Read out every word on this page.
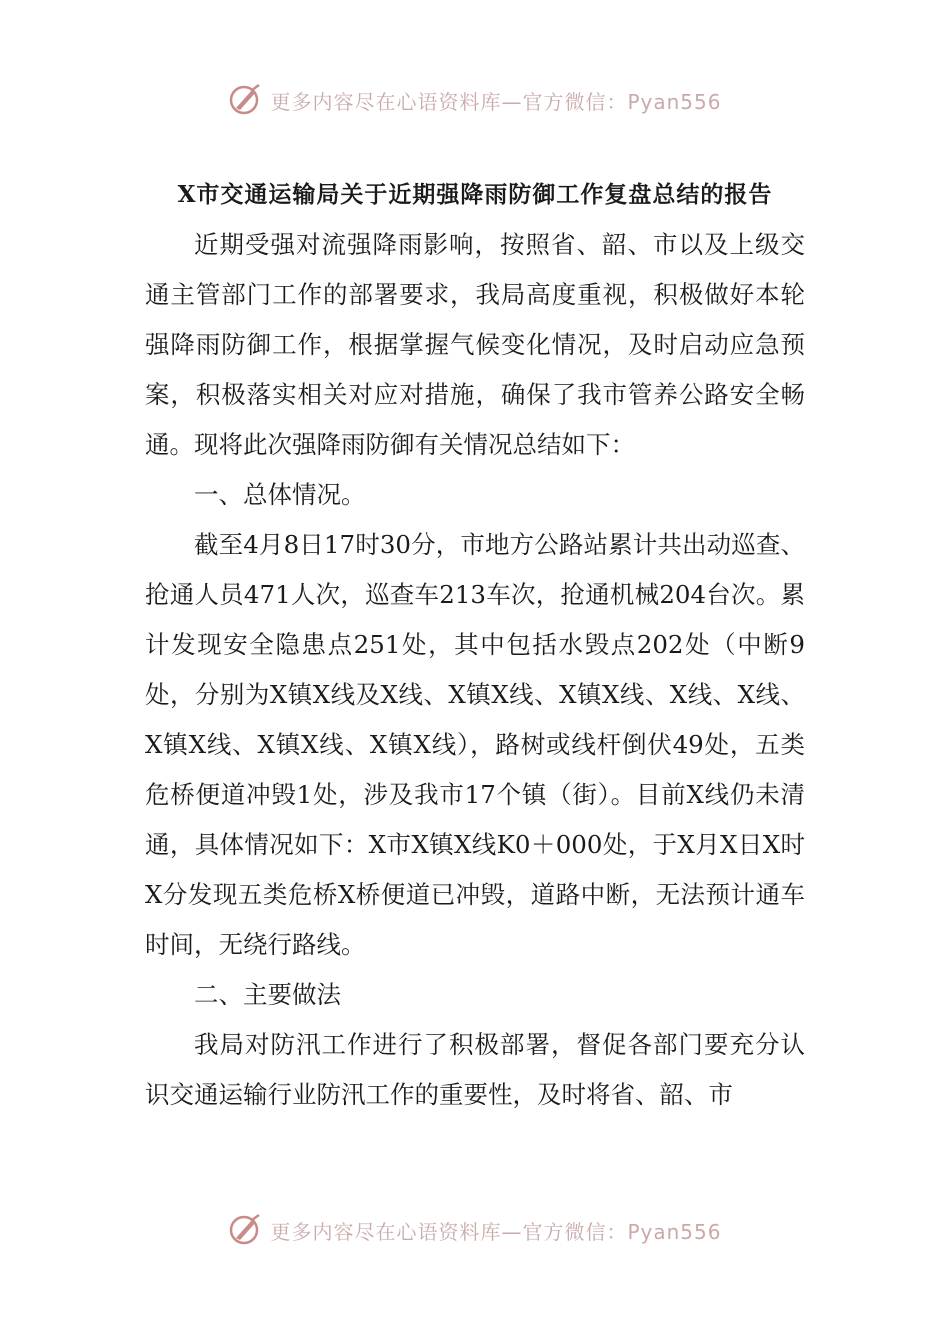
更多内容尽在心语资料库—官方微信：Pyan556
X市交通运输局关于近期强降雨防御工作复盘总结的报告

近期受强对流强降雨影响，按照省、韶、市以及上级交通主管部门工作的部署要求，我局高度重视，积极做好本轮强降雨防御工作，根据掌握气候变化情况，及时启动应急预案，积极落实相关对应对措施，确保了我市管养公路安全畅通。现将此次强降雨防御有关情况总结如下：

一、总体情况。

截至4月8日17时30分，市地方公路站累计共出动巡查、抢通人员471人次，巡查车213车次，抢通机械204台次。累计发现安全隐患点251处，其中包括水毁点202处（中断9处，分别为X镇X线及X线、X镇X线、X镇X线、X线、X线、X镇X线、X镇X线、X镇X线），路树或线杆倒伏49处，五类危桥便道冲毁1处，涉及我市17个镇（街）。目前X线仍未清通，具体情况如下：X市X镇X线K0＋000处，于X月X日X时X分发现五类危桥X桥便道已冲毁，道路中断，无法预计通车时间，无绕行路线。

二、主要做法

我局对防汛工作进行了积极部署，督促各部门要充分认识交通运输行业防汛工作的重要性，及时将省、韶、市

更多内容尽在心语资料库—官方微信：Pyan556
